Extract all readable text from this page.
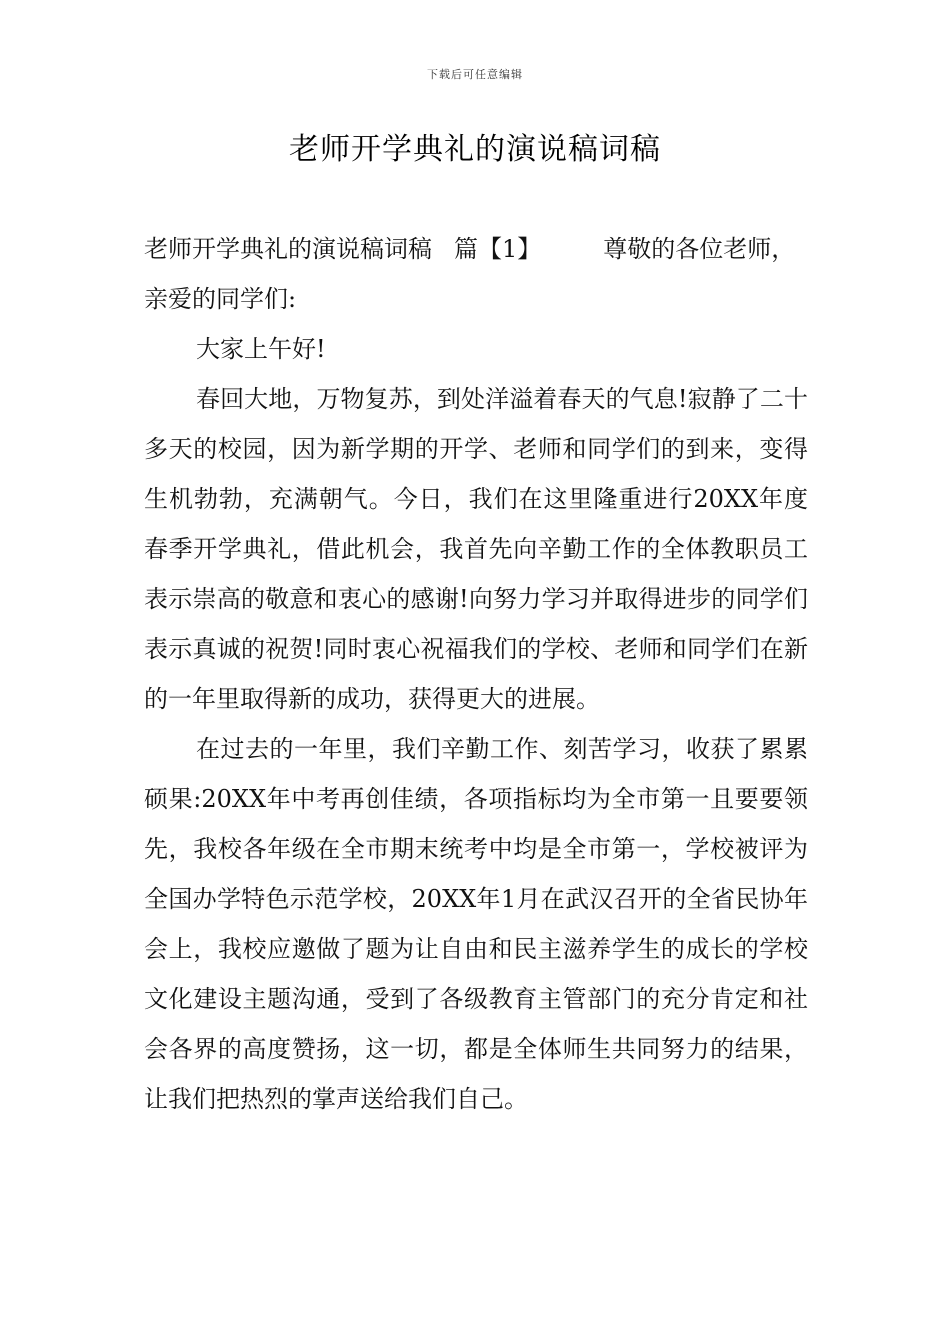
下载后可任意编辑
老师开学典礼的演说稿词稿

老师开学典礼的演说稿词稿 篇【1】	尊敬的各位老师，
亲爱的同学们:

大家上午好!

春回大地，万物复苏，到处洋溢着春天的气息!寂静了二十多天的校园，因为新学期的开学、老师和同学们的到来，变得生机勃勃，充满朝气。今日，我们在这里隆重进行20XX年度春季开学典礼，借此机会，我首先向辛勤工作的全体教职员工表示崇高的敬意和衷心的感谢!向努力学习并取得进步的同学们表示真诚的祝贺!同时衷心祝福我们的学校、老师和同学们在新的一年里取得新的成功，获得更大的进展。

在过去的一年里，我们辛勤工作、刻苦学习，收获了累累硕果:20XX年中考再创佳绩，各项指标均为全市第一且要要领先，我校各年级在全市期末统考中均是全市第一，学校被评为全国办学特色示范学校，20XX年1月在武汉召开的全省民协年会上，我校应邀做了题为让自由和民主滋养学生的成长的学校文化建设主题沟通，受到了各级教育主管部门的充分肯定和社会各界的高度赞扬，这一切，都是全体师生共同努力的结果，让我们把热烈的掌声送给我们自己。
